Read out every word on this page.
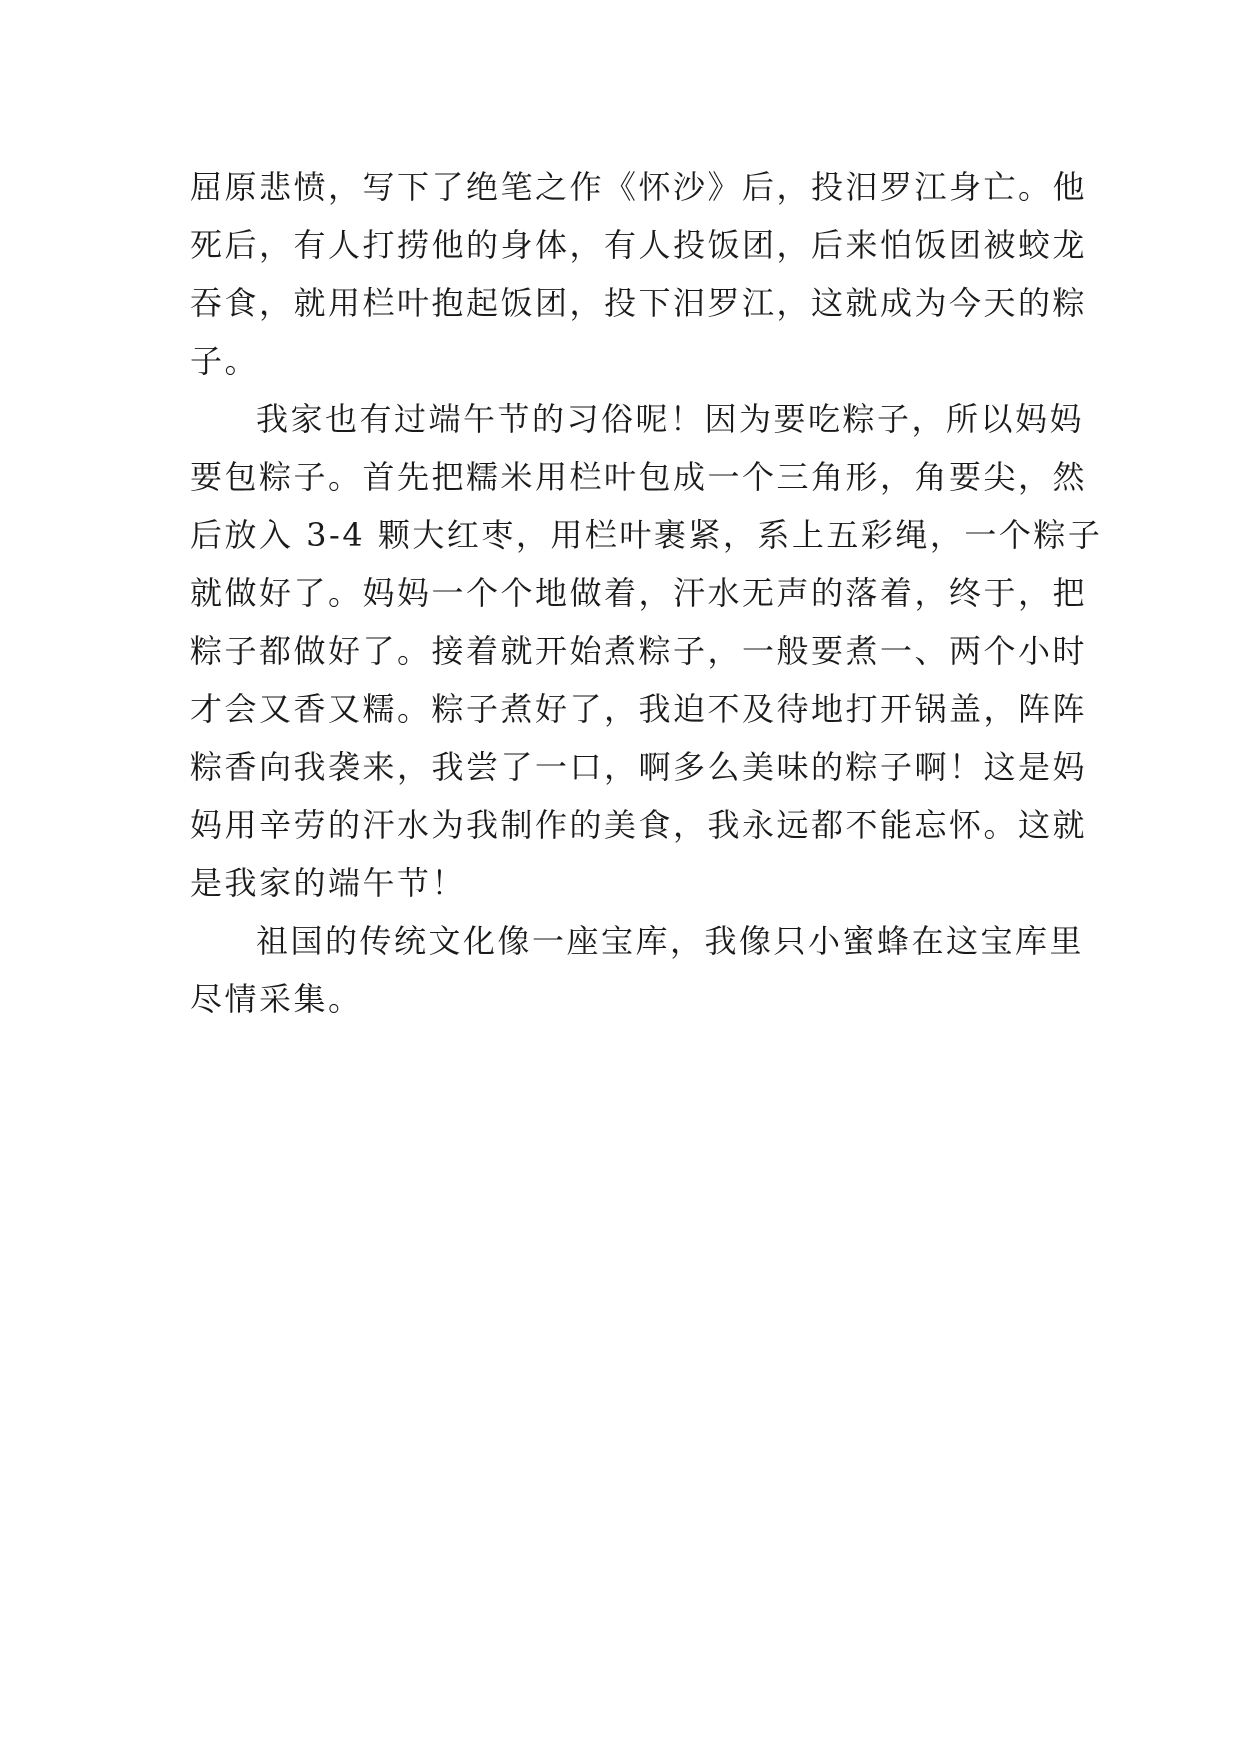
屈原悲愤，写下了绝笔之作《怀沙》后，投汨罗江身亡。他
死后，有人打捞他的身体，有人投饭团，后来怕饭团被蛟龙
吞食，就用栏叶抱起饭团，投下汨罗江，这就成为今天的粽
子。

我家也有过端午节的习俗呢！因为要吃粽子，所以妈妈
要包粽子。首先把糯米用栏叶包成一个三角形，角要尖，然
后放入 3-4 颗大红枣，用栏叶裹紧，系上五彩绳，一个粽子
就做好了。妈妈一个个地做着，汗水无声的落着，终于，把
粽子都做好了。接着就开始煮粽子，一般要煮一、两个小时
才会又香又糯。粽子煮好了，我迫不及待地打开锅盖，阵阵
粽香向我袭来，我尝了一口，啊多么美味的粽子啊！这是妈
妈用辛劳的汗水为我制作的美食，我永远都不能忘怀。这就
是我家的端午节！

祖国的传统文化像一座宝库，我像只小蜜蜂在这宝库里
尽情采集。
